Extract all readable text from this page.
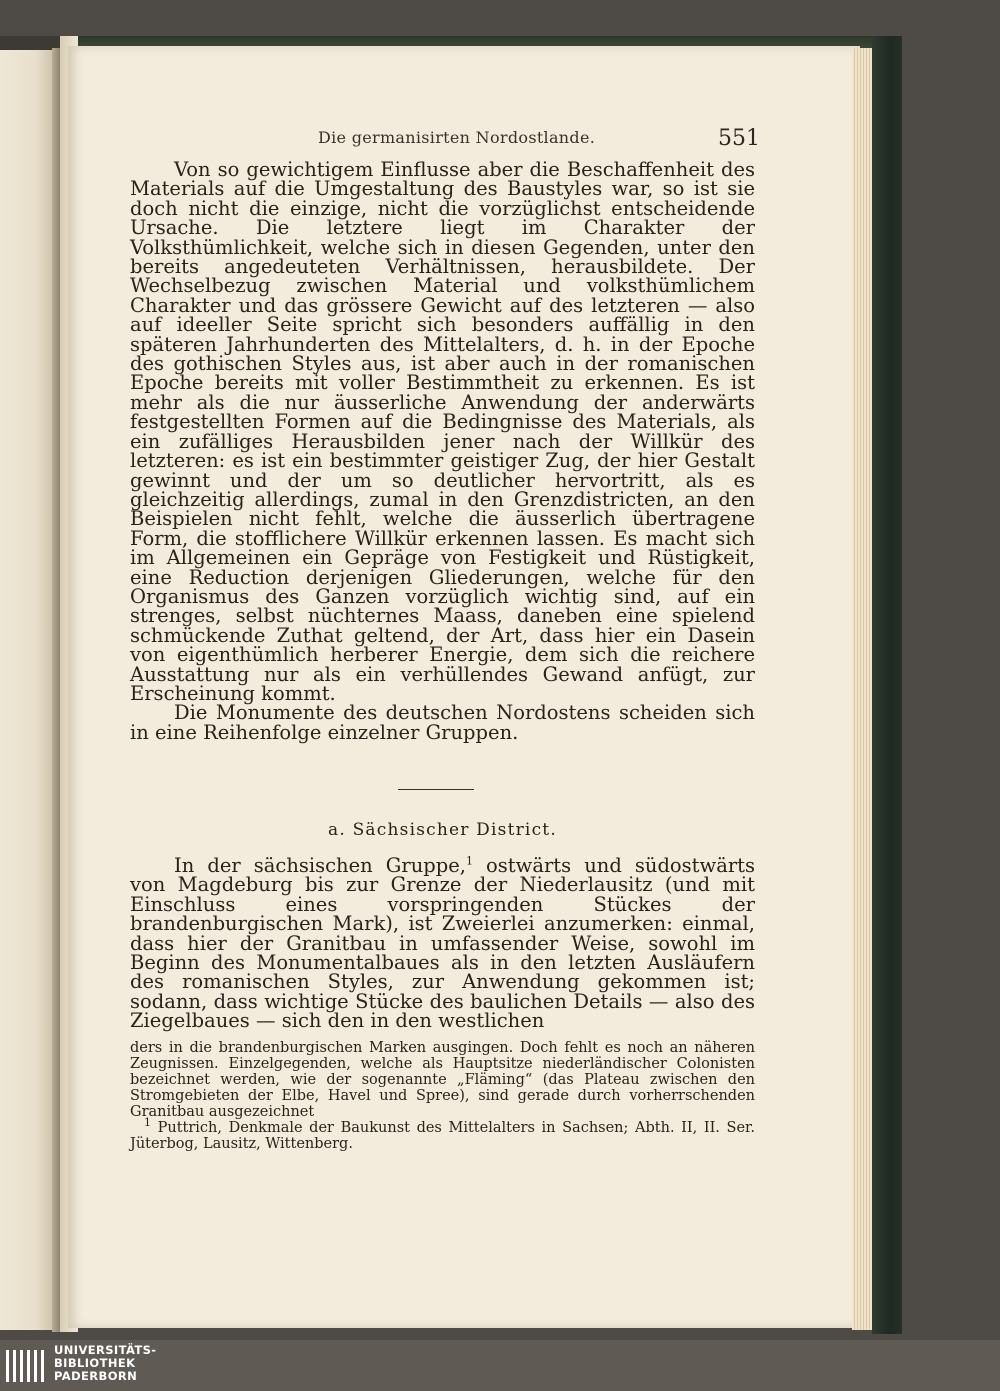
Die germanisirten Nordostlande.	551

Von so gewichtigem Einflusse aber die Beschaffenheit des Materials auf die Umgestaltung des Baustyles war, so ist sie doch nicht die einzige, nicht die vorzüglichst entscheidende Ursache. Die letztere liegt im Charakter der Volksthümlichkeit, welche sich in diesen Gegenden, unter den bereits angedeuteten Verhältnissen, herausbildete. Der Wechselbezug zwischen Material und volksthümlichem Charakter und das grössere Gewicht auf des letzteren — also auf ideeller Seite spricht sich besonders auffällig in den späteren Jahrhunderten des Mittelalters, d. h. in der Epoche des gothischen Styles aus, ist aber auch in der romanischen Epoche bereits mit voller Bestimmtheit zu erkennen. Es ist mehr als die nur äusserliche Anwendung der anderwärts festgestellten Formen auf die Bedingnisse des Materials, als ein zufälliges Herausbilden jener nach der Willkür des letzteren: es ist ein bestimmter geistiger Zug, der hier Gestalt gewinnt und der um so deutlicher hervortritt, als es gleichzeitig allerdings, zumal in den Grenzdistricten, an den Beispielen nicht fehlt, welche die äusserlich übertragene Form, die stofflichere Willkür erkennen lassen. Es macht sich im Allgemeinen ein Gepräge von Festigkeit und Rüstigkeit, eine Reduction derjenigen Gliederungen, welche für den Organismus des Ganzen vorzüglich wichtig sind, auf ein strenges, selbst nüchternes Maass, daneben eine spielend schmückende Zuthat geltend, der Art, dass hier ein Dasein von eigenthümlich herberer Energie, dem sich die reichere Ausstattung nur als ein verhüllendes Gewand anfügt, zur Erscheinung kommt.

Die Monumente des deutschen Nordostens scheiden sich in eine Reihenfolge einzelner Gruppen.

a. Sächsischer District.

In der sächsischen Gruppe,$^1$ ostwärts und südostwärts von Magdeburg bis zur Grenze der Niederlausitz (und mit Einschluss eines vorspringenden Stückes der brandenburgischen Mark), ist Zweierlei anzumerken: einmal, dass hier der Granitbau in umfassender Weise, sowohl im Beginn des Monumentalbaues als in den letzten Ausläufern des romanischen Styles, zur Anwendung gekommen ist; sodann, dass wichtige Stücke des baulichen Details — also des Ziegelbaues — sich den in den westlichen

ders in die brandenburgischen Marken ausgingen. Doch fehlt es noch an näheren Zeugnissen. Einzelgegenden, welche als Hauptsitze niederländischer Colonisten bezeichnet werden, wie der sogenannte „Fläming“ (das Plateau zwischen den Stromgebieten der Elbe, Havel und Spree), sind gerade durch vorherrschenden Granitbau ausgezeichnet

$^1$ Puttrich, Denkmale der Baukunst des Mittelalters in Sachsen; Abth. II, II. Ser. Jüterbog, Lausitz, Wittenberg.

UNIVERSITÄTS-
BIBLIOTHEK
PADERBORN
